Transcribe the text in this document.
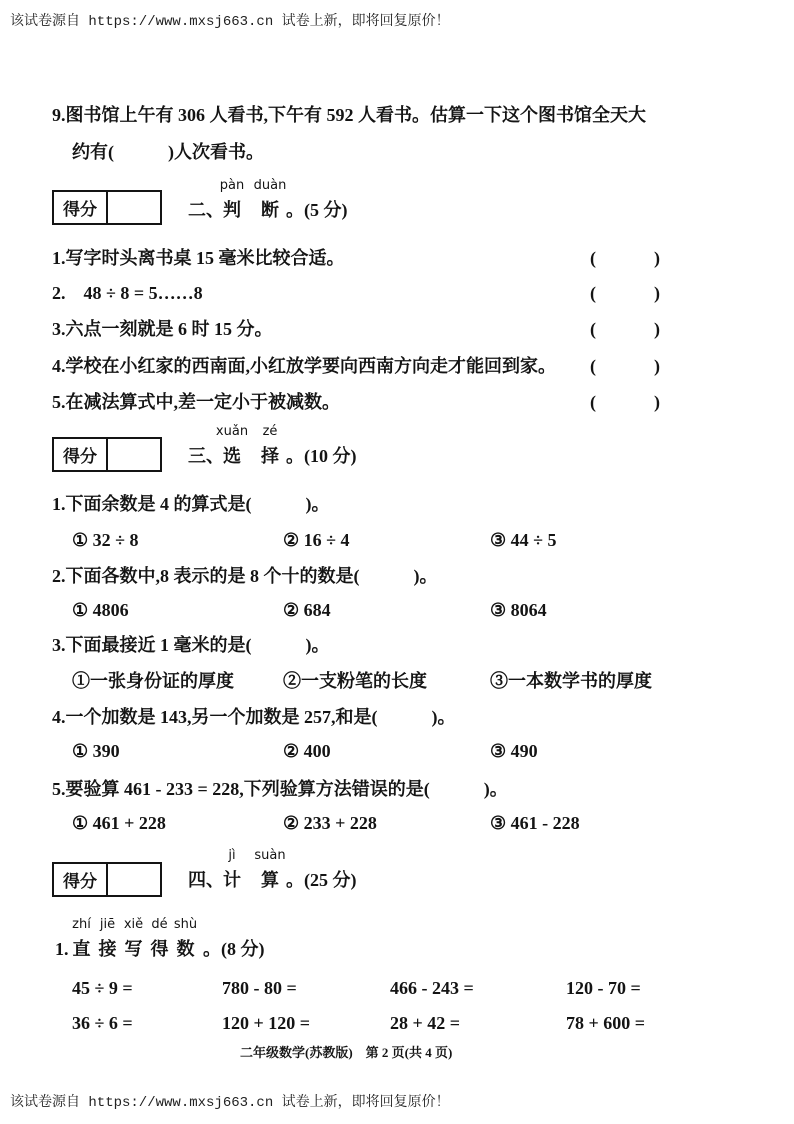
该试卷源自 https://www.mxsj663.cn 试卷上新，即将回复原价！
9.图书馆上午有 306 人看书,下午有 592 人看书。估算一下这个图书馆全天大
约有(　　　)人次看书。
得分	二、
pàn
判
duàn
断 。(5 分)
1.写字时头离书桌 15 毫米比较合适。	(	)
2.　48 ÷ 8 = 5……8	(	)
3.六点一刻就是 6 时 15 分。	(	)
4.学校在小红家的西南面,小红放学要向西南方向走才能回到家。 (	)
5.在减法算式中,差一定小于被减数。	(	)
得分	三、
xuǎn
选
zé
择 。(10 分)
1.下面余数是 4 的算式是(　　　)。
① 32 ÷ 8	② 16 ÷ 4	③ 44 ÷ 5
2.下面各数中,8 表示的是 8 个十的数是(　　　)。
① 4806	② 684	③ 8064
3.下面最接近 1 毫米的是(　　　)。
①一张身份证的厚度	②一支粉笔的长度	③一本数学书的厚度
4.一个加数是 143,另一个加数是 257,和是(　　　)。
① 390	② 400	③ 490
5.要验算 461 - 233 = 228,下列验算方法错误的是(　　　)。
① 461 + 228	② 233 + 228	③ 461 - 228
得分	四、
jì
计
suàn
算 。(25 分)
1.
zhí
直
jiē
接
xiě
写
dé
得
shù
数 。(8 分)
45 ÷ 9 =	780 - 80 =	466 - 243 =	120 - 70 =
36 ÷ 6 =	120 + 120 =	28 + 42 =	78 + 600 =
二年级数学(苏教版)　第 2 页(共 4 页)
该试卷源自 https://www.mxsj663.cn 试卷上新，即将回复原价！
